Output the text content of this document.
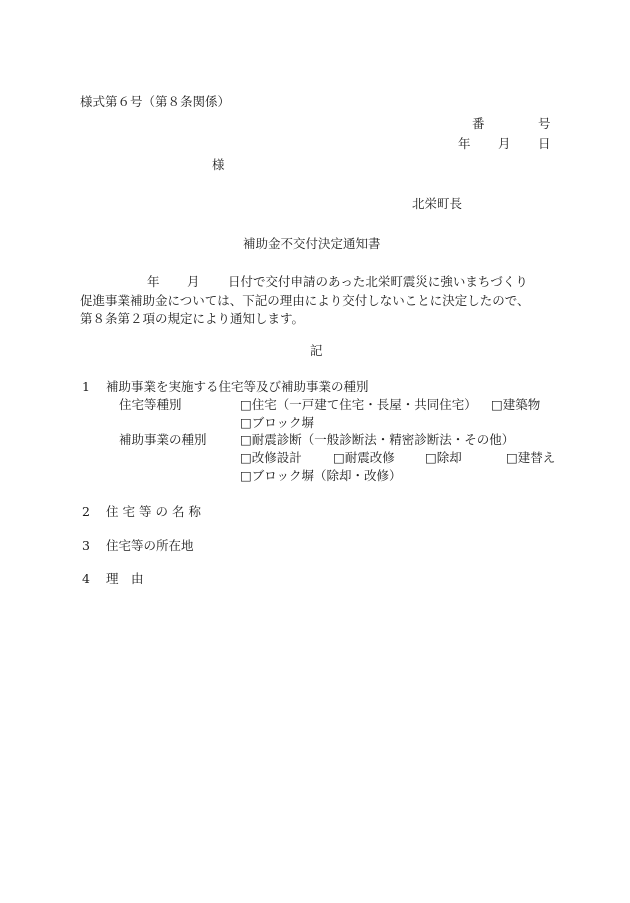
様式第６号（第８条関係）
番	号
年 月 日
様
北栄町長
補助金不交付決定通知書
年 月 日付で交付申請のあった北栄町震災に強いまちづくり
促進事業補助金については、下記の理由により交付しないことに決定したので、
第８条第２項の規定により通知します。
記
1 補助事業を実施する住宅等及び補助事業の種別
住宅等種別	□住宅（一戸建て住宅・長屋・共同住宅） □建築物
□ブロック塀
補助事業の種別	□耐震診断（一般診断法・精密診断法・その他）
□改修設計 □耐震改修 □除却	□建替え
□ブロック塀（除却・改修）
2 住宅等の名称
3 住宅等の所在地
4 理　由
